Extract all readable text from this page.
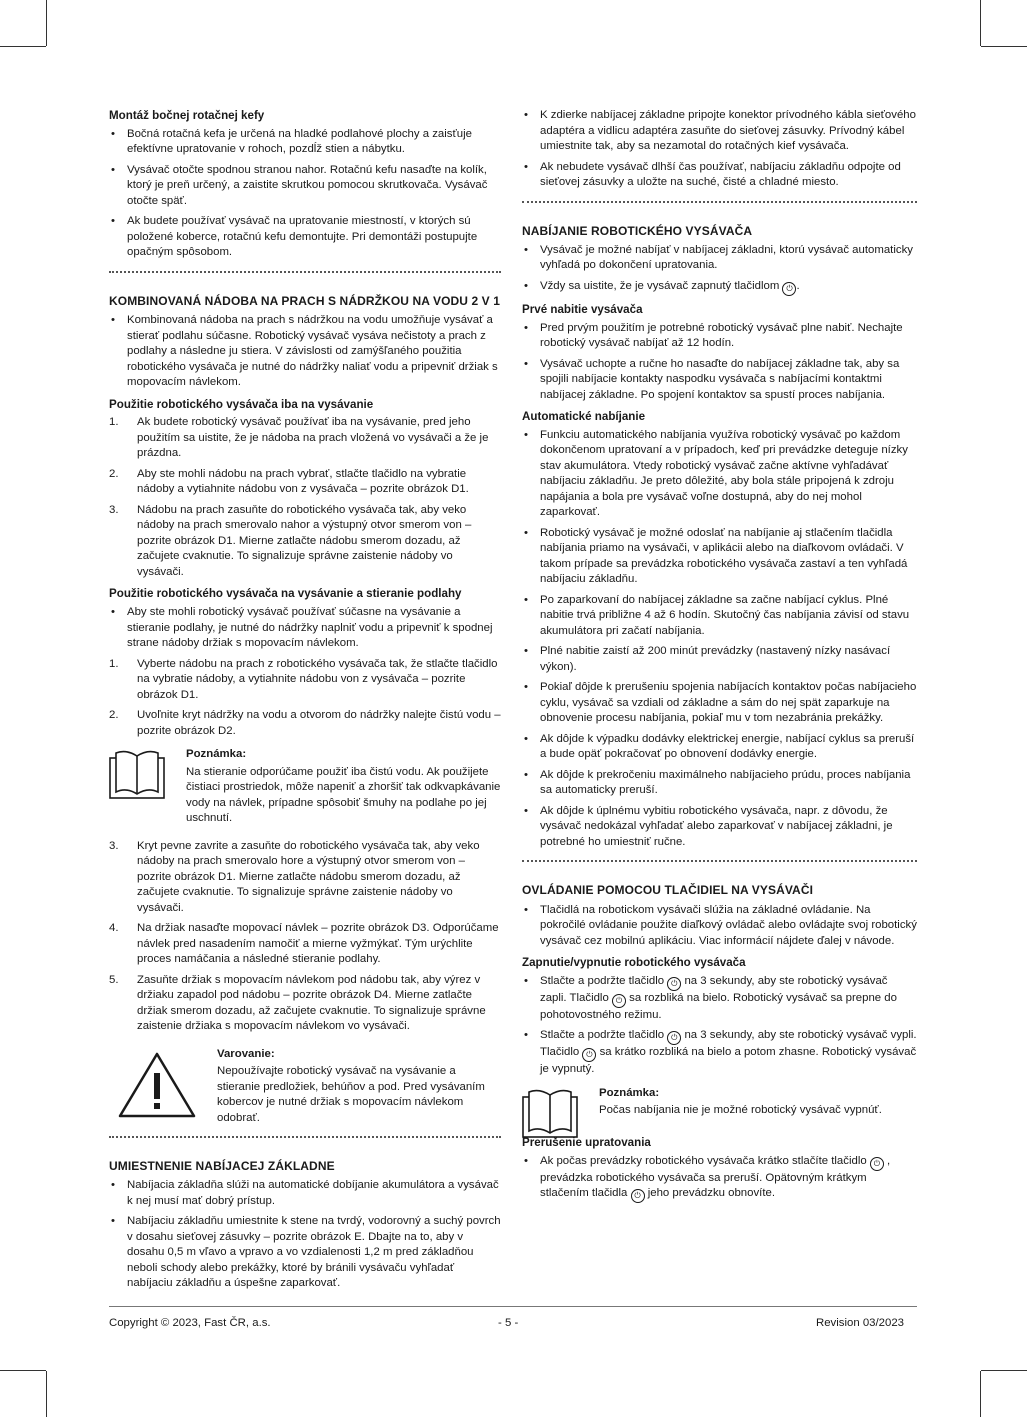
Montáž bočnej rotačnej kefy
• Bočná rotačná kefa je určená na hladké podlahové plochy a zaisťuje efektívne upratovanie v rohoch, pozdĺž stien a nábytku.
• Vysávač otočte spodnou stranou nahor. Rotačnú kefu nasaďte na kolík, ktorý je preň určený, a zaistite skrutkou pomocou skrutkovača. Vysávač otočte späť.
• Ak budete používať vysávač na upratovanie miestností, v ktorých sú položené koberce, rotačnú kefu demontujte. Pri demontáži postupujte opačným spôsobom.
KOMBINOVANÁ NÁDOBA NA PRACH S NÁDRŽKOU NA VODU 2 V 1
• Kombinovaná nádoba na prach s nádržkou na vodu umožňuje vysávať a stierať podlahu súčasne. Robotický vysávač vysáva nečistoty a prach z podlahy a následne ju stiera. V závislosti od zamýšľaného použitia robotického vysávača je nutné do nádržky naliať vodu a pripevniť držiak s mopovacím návlekom.
Použitie robotického vysávača iba na vysávanie
1. Ak budete robotický vysávač používať iba na vysávanie, pred jeho použitím sa uistite, že je nádoba na prach vložená vo vysávači a že je prázdna.
2. Aby ste mohli nádobu na prach vybrať, stlačte tlačidlo na vybratie nádoby a vytiahnite nádobu von z vysávača – pozrite obrázok D1.
3. Nádobu na prach zasuňte do robotického vysávača tak, aby veko nádoby na prach smerovalo nahor a výstupný otvor smerom von – pozrite obrázok D1. Mierne zatlačte nádobu smerom dozadu, až začujete cvaknutie. To signalizuje správne zaistenie nádoby vo vysávači.
Použitie robotického vysávača na vysávanie a stieranie podlahy
• Aby ste mohli robotický vysávač používať súčasne na vysávanie a stieranie podlahy, je nutné do nádržky naplniť vodu a pripevniť k spodnej strane nádoby držiak s mopovacím návlekom.
1. Vyberte nádobu na prach z robotického vysávača tak, že stlačte tlačidlo na vybratie nádoby, a vytiahnite nádobu von z vysávača – pozrite obrázok D1.
2. Uvoľnite kryt nádržky na vodu a otvorom do nádržky nalejte čistú vodu – pozrite obrázok D2.
Poznámka:
Na stieranie odporúčame použiť iba čistú vodu. Ak použijete čistiaci prostriedok, môže napeniť a zhoršiť tak odkvapkávanie vody na návlek, prípadne spôsobiť šmuhy na podlahe po jej uschnutí.
3. Kryt pevne zavrite a zasuňte do robotického vysávača tak, aby veko nádoby na prach smerovalo hore a výstupný otvor smerom von – pozrite obrázok D1. Mierne zatlačte nádobu smerom dozadu, až začujete cvaknutie. To signalizuje správne zaistenie nádoby vo vysávači.
4. Na držiak nasaďte mopovací návlek – pozrite obrázok D3. Odporúčame návlek pred nasadením namočiť a mierne vyžmýkať. Tým urýchlite proces namáčania a následné stieranie podlahy.
5. Zasuňte držiak s mopovacím návlekom pod nádobu tak, aby výrez v držiaku zapadol pod nádobu – pozrite obrázok D4. Mierne zatlačte držiak smerom dozadu, až začujete cvaknutie. To signalizuje správne zaistenie držiaka s mopovacím návlekom vo vysávači.
Varovanie:
Nepoužívajte robotický vysávač na vysávanie a stieranie predložiek, behúňov a pod. Pred vysávaním kobercov je nutné držiak s mopovacím návlekom odobrať.
UMIESTNENIE NABÍJACEJ ZÁKLADNE
• Nabíjacia základňa slúži na automatické dobíjanie akumulátora a vysávač k nej musí mať dobrý prístup.
• Nabíjaciu základňu umiestnite k stene na tvrdý, vodorovný a suchý povrch v dosahu sieťovej zásuvky – pozrite obrázok E. Dbajte na to, aby v dosahu 0,5 m vľavo a vpravo a vo vzdialenosti 1,2 m pred základňou neboli schody alebo prekážky, ktoré by bránili vysávaču vyhľadať nabíjaciu základňu a úspešne zaparkovať.
• K zdierke nabíjacej základne pripojte konektor prívodného kábla sieťového adaptéra a vidlicu adaptéra zasuňte do sieťovej zásuvky. Prívodný kábel umiestnite tak, aby sa nezamotal do rotačných kief vysávača.
• Ak nebudete vysávač dlhší čas používať, nabíjaciu základňu odpojte od sieťovej zásuvky a uložte na suché, čisté a chladné miesto.
NABÍJANIE ROBOTICKÉHO VYSÁVAČA
• Vysávač je možné nabíjať v nabíjacej základni, ktorú vysávač automaticky vyhľadá po dokončení upratovania.
• Vždy sa uistite, že je vysávač zapnutý tlačidlom ⏻ .
Prvé nabitie vysávača
• Pred prvým použitím je potrebné robotický vysávač plne nabiť. Nechajte robotický vysávač nabíjať až 12 hodín.
• Vysávač uchopte a ručne ho nasaďte do nabíjacej základne tak, aby sa spojili nabíjacie kontakty naspodku vysávača s nabíjacími kontaktmi nabíjacej základne. Po spojení kontaktov sa spustí proces nabíjania.
Automatické nabíjanie
• Funkciu automatického nabíjania využíva robotický vysávač po každom dokončenom upratovaní a v prípadoch, keď pri prevádzke deteguje nízky stav akumulátora. Vtedy robotický vysávač začne aktívne vyhľadávať nabíjaciu základňu. Je preto dôležité, aby bola stále pripojená k zdroju napájania a bola pre vysávač voľne dostupná, aby do nej mohol zaparkovať.
• Robotický vysávač je možné odoslať na nabíjanie aj stlačením tlačidla nabíjania priamo na vysávači, v aplikácii alebo na diaľkovom ovládači. V takom prípade sa prevádzka robotického vysávača zastaví a ten vyhľadá nabíjaciu základňu.
• Po zaparkovaní do nabíjacej základne sa začne nabíjací cyklus. Plné nabitie trvá približne 4 až 6 hodín. Skutočný čas nabíjania závisí od stavu akumulátora pri začatí nabíjania.
• Plné nabitie zaistí až 200 minút prevádzky (nastavený nízky nasávací výkon).
• Pokiaľ dôjde k prerušeniu spojenia nabíjacích kontaktov počas nabíjacieho cyklu, vysávač sa vzdiali od základne a sám do nej spät zaparkuje na obnovenie procesu nabíjania, pokiaľ mu v tom nezabránia prekážky.
• Ak dôjde k výpadku dodávky elektrickej energie, nabíjací cyklus sa preruší a bude opäť pokračovať po obnovení dodávky energie.
• Ak dôjde k prekročeniu maximálneho nabíjacieho prúdu, proces nabíjania sa automaticky preruší.
• Ak dôjde k úplnému vybitiu robotického vysávača, napr. z dôvodu, že vysávač nedokázal vyhľadať alebo zaparkovať v nabíjacej základni, je potrebné ho umiestniť ručne.
OVLÁDANIE POMOCOU TLAČIDIEL NA VYSÁVAČI
• Tlačidlá na robotickom vysávači slúžia na základné ovládanie. Na pokročilé ovládanie použite diaľkový ovládač alebo ovládajte svoj robotický vysávač cez mobilnú aplikáciu. Viac informácií nájdete ďalej v návode.
Zapnutie/vypnutie robotického vysávača
• Stlačte a podržte tlačidlo ⏻ na 3 sekundy, aby ste robotický vysávač zapli. Tlačidlo ⏻ sa rozbliká na bielo. Robotický vysávač sa prepne do pohotovostného režimu.
• Stlačte a podržte tlačidlo ⏻ na 3 sekundy, aby ste robotický vysávač vypli. Tlačidlo ⏻ sa krátko rozbliká na bielo a potom zhasne. Robotický vysávač je vypnutý.
Poznámka:
Počas nabíjania nie je možné robotický vysávač vypnúť.
Prerušenie upratovania
• Ak počas prevádzky robotického vysávača krátko stlačíte tlačidlo ⏻ , prevádzka robotického vysávača sa preruší. Opätovným krátkym stlačením tlačidla ⏻ jeho prevádzku obnovíte.
Copyright © 2023, Fast ČR, a.s.	- 5 -	Revision 03/2023
